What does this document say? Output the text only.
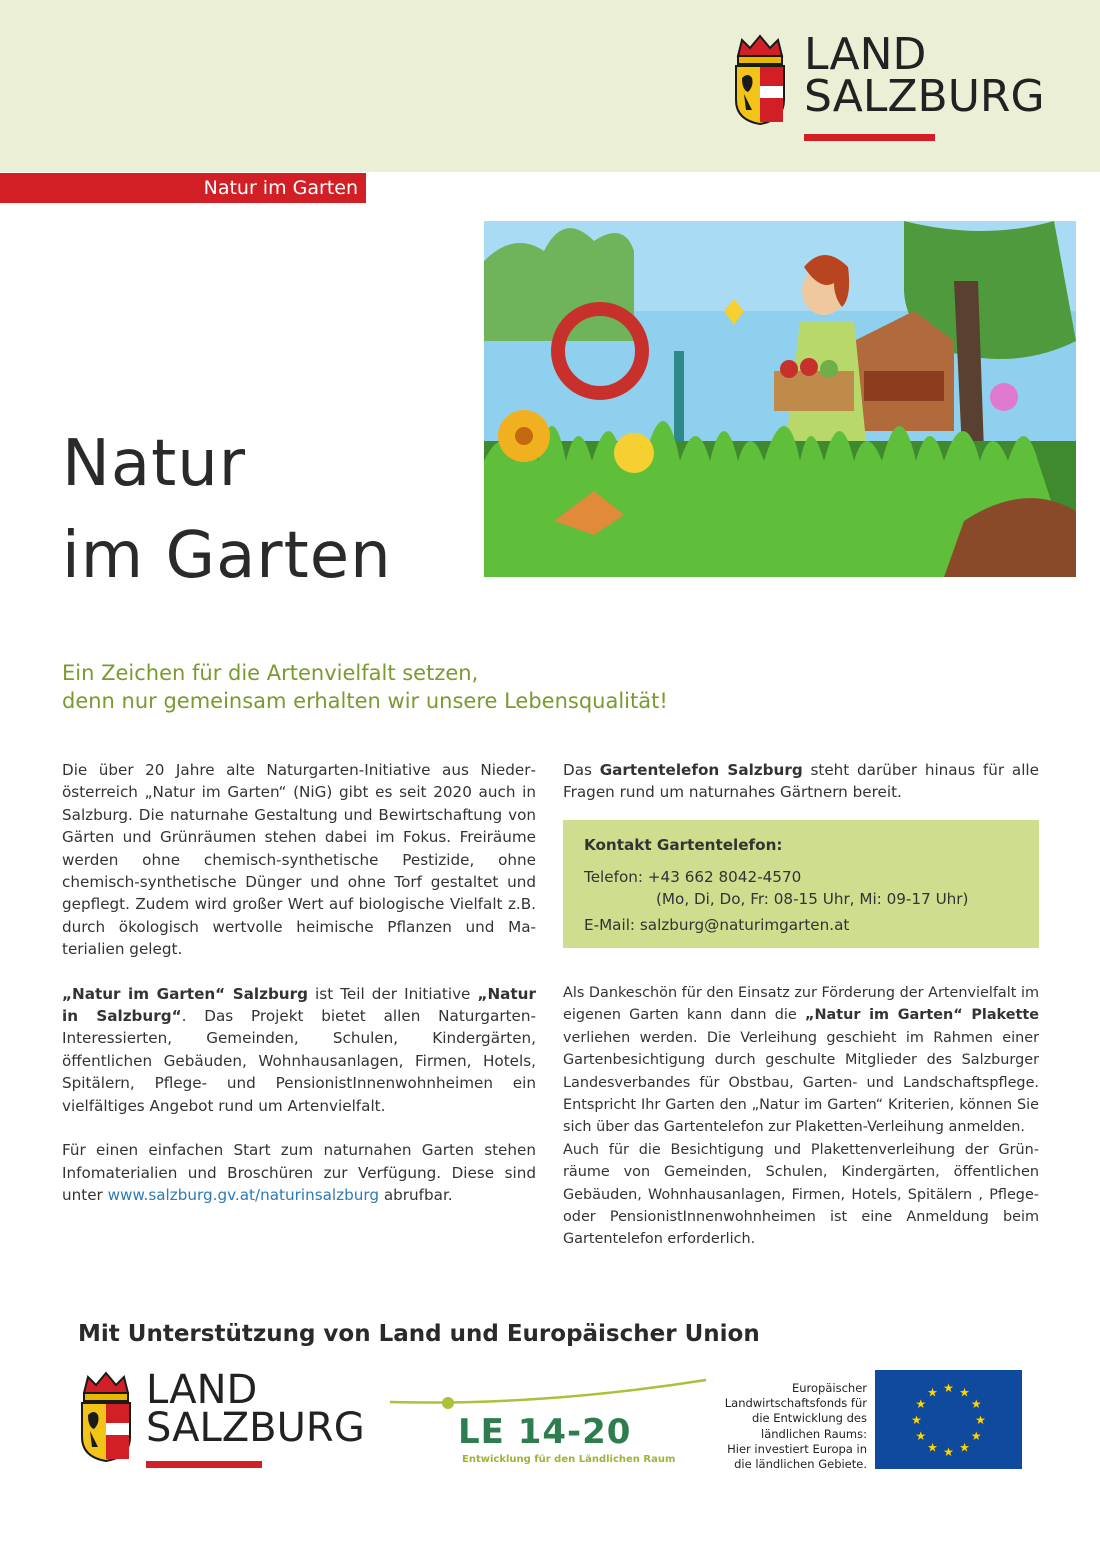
LAND
SALZBURG
Natur im Garten
Natur
im Garten
Ein Zeichen für die Artenvielfalt setzen,
denn nur gemeinsam erhalten wir unsere Lebensqualität!

Die über 20 Jahre alte Naturgarten-Initiative aus Niederösterreich „Natur im Garten“ (NiG) gibt es seit 2020 auch in Salzburg. Die naturnahe Gestaltung und Bewirtschaftung von Gärten und Grünräumen stehen dabei im Fokus. Freiräume werden ohne chemisch-synthetische Pestizide, ohne chemisch-synthetische Dünger und ohne Torf gestaltet und gepflegt. Zudem wird großer Wert auf biologische Vielfalt z.B. durch ökologisch wertvolle heimische Pflanzen und Materialien gelegt.

„Natur im Garten“ Salzburg ist Teil der Initiative „Natur in Salzburg“. Das Projekt bietet allen Naturgarten-Interessierten, Gemeinden, Schulen, Kindergärten, öffentlichen Gebäuden, Wohnhausanlagen, Firmen, Hotels, Spitälern, Pflege- und PensionistInnenwohnheimen ein vielfältiges Angebot rund um Artenvielfalt.

Für einen einfachen Start zum naturnahen Garten stehen Infomaterialien und Broschüren zur Verfügung. Diese sind unter www.salzburg.gv.at/naturinsalzburg abrufbar.

Das Gartentelefon Salzburg steht darüber hinaus für alle Fragen rund um naturnahes Gärtnern bereit.

Kontakt Gartentelefon:
Telefon: +43 662 8042-4570
(Mo, Di, Do, Fr: 08-15 Uhr, Mi: 09-17 Uhr)
E-Mail: salzburg@naturimgarten.at

Als Dankeschön für den Einsatz zur Förderung der Artenvielfalt im eigenen Garten kann dann die „Natur im Garten“ Plakette verliehen werden. Die Verleihung geschieht im Rahmen einer Gartenbesichtigung durch geschulte Mitglieder des Salzburger Landesverbandes für Obstbau, Garten- und Landschaftspflege. Entspricht Ihr Garten den „Natur im Garten“ Kriterien, können Sie sich über das Gartentelefon zur Plaketten-Verleihung anmelden.

Auch für die Besichtigung und Plakettenverleihung der Grünräume von Gemeinden, Schulen, Kindergärten, öffentlichen Gebäuden, Wohnhausanlagen, Firmen, Hotels, Spitälern , Pflege- oder PensionistInnenwohnheimen ist eine Anmeldung beim Gartentelefon erforderlich.

Mit Unterstützung von Land und Europäischer Union
LAND
SALZBURG	LE 14-20
Entwicklung für den Ländlichen Raum
Europäischer
Landwirtschaftsfonds für
die Entwicklung des
ländlichen Raums:
Hier investiert Europa in
die ländlichen Gebiete.
★ ★
★
★
★
★
★
★
★
★
★
★
